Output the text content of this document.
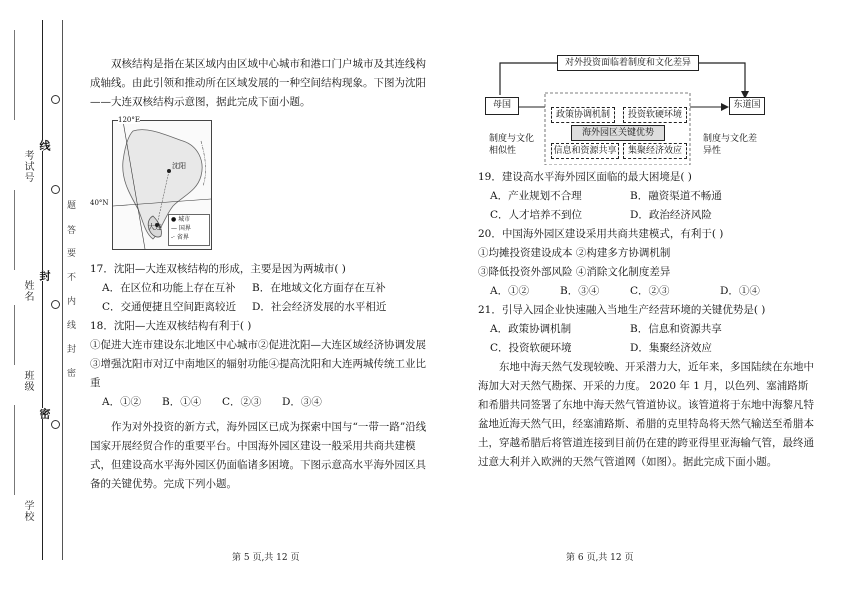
考试号
姓名
班级
学校
线
封
密
题
答
要
不
内
线
封
密

双核结构是指在某区域内由区域中心城市和港口门户城市及其连线构成轴线。由此引领和推动所在区域发展的一种空间结构现象。下图为沈阳——大连双核结构示意图，据此完成下面小题。

120°E
40°N
沈阳
大连
● 城市
— 国界
-· 省界

17．沈阳—大连双核结构的形成，主要是因为两城市( )

A．在区位和功能上存在互补	B．在地域文化方面存在互补
C．交通便捷且空间距离较近	D．社会经济发展的水平相近

18．沈阳—大连双核结构有利于( )

①促进大连市建设东北地区中心城市②促进沈阳—大连区域经济协调发展

③增强沈阳市对辽中南地区的辐射功能④提高沈阳和大连两城传统工业比重

A．①②	B．①④	C．②③	D．③④

作为对外投资的新方式，海外园区已成为探索中国与“一带一路”沿线国家开展经贸合作的重要平台。中国海外园区建设一般采用共商共建模式，但建设高水平海外园区仍面临诸多困境。下图示意高水平海外园区具备的关键优势。完成下列小题。

第 5 页,共 12 页
对外投资面临着制度和文化差异
母国	东道国
政策协调机制	投资软硬环境
海外园区关键优势
信息和资源共享	集聚经济效应
制度与文化相似性
制度与文化差异性

19．建设高水平海外园区面临的最大困境是( )

A．产业规划不合理	B．融资渠道不畅通
C．人才培养不到位	D．政治经济风险

20．中国海外园区建设采用共商共建模式，有利于( )

①均摊投资建设成本 ②构建多方协调机制

③降低投资外部风险 ④消除文化制度差异

A．①②	B．③④	C．②③	D．①④

21．引导入园企业快速融入当地生产经营环境的关键优势是( )

A．政策协调机制	B．信息和资源共享
C．投资软硬环境	D．集聚经济效应

东地中海天然气发现较晚、开采潜力大，近年来，多国陆续在东地中海加大对天然气勘探、开采的力度。 2020 年 1 月，以色列、塞浦路斯和希腊共同签署了东地中海天然气管道协议。该管道将于东地中海黎凡特盆地近海天然气田，经塞浦路斯、希腊的克里特岛将天然气输送至希腊本土，穿越希腊后将管道连接到目前仍在建的跨亚得里亚海输气管，最终通过意大利并入欧洲的天然气管道网（如图）。据此完成下面小题。

第 6 页,共 12 页
